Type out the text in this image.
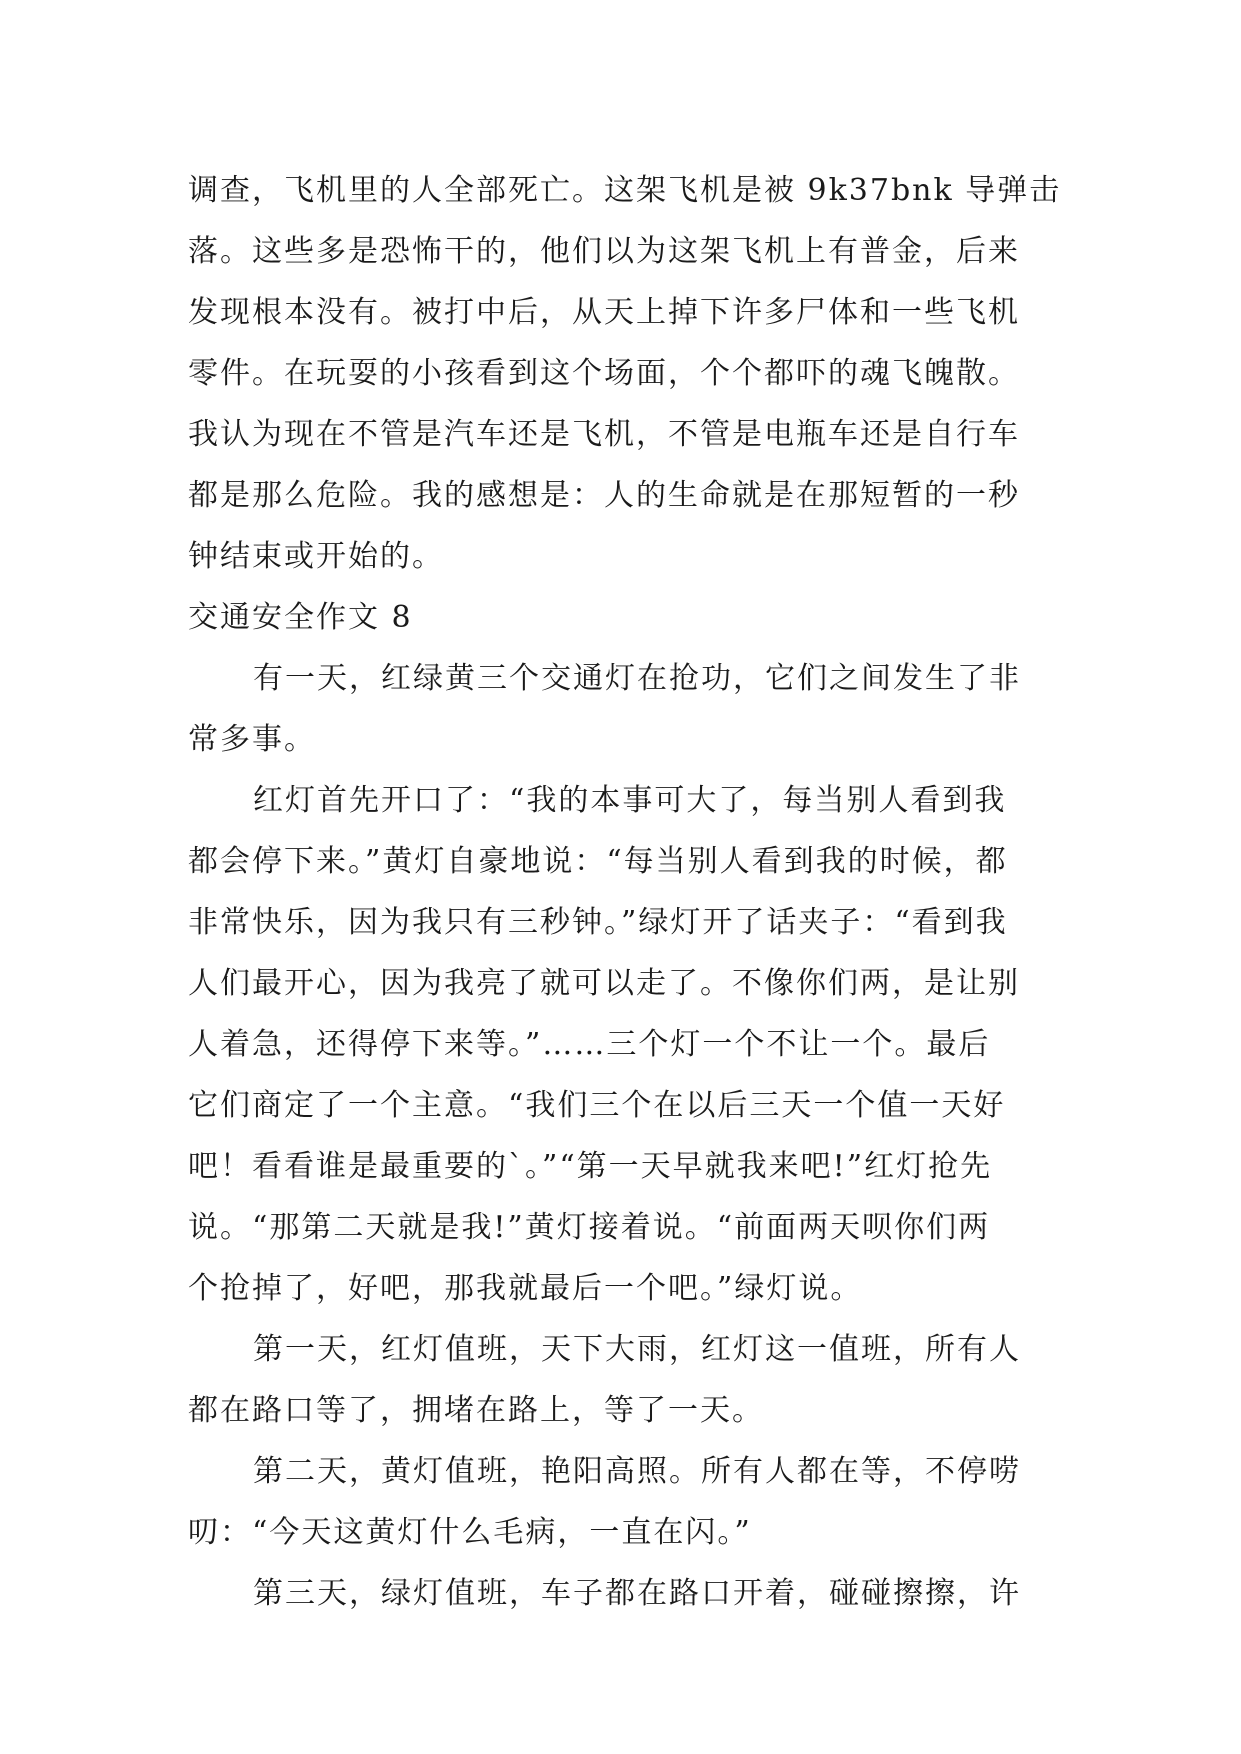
调查，飞机里的人全部死亡。这架飞机是被 9k37bnk 导弹击
落。这些多是恐怖干的，他们以为这架飞机上有普金，后来
发现根本没有。被打中后，从天上掉下许多尸体和一些飞机
零件。在玩耍的小孩看到这个场面，个个都吓的魂飞魄散。
我认为现在不管是汽车还是飞机，不管是电瓶车还是自行车
都是那么危险。我的感想是：人的生命就是在那短暂的一秒
钟结束或开始的。
交通安全作文 8
有一天，红绿黄三个交通灯在抢功，它们之间发生了非
常多事。
红灯首先开口了：“我的本事可大了，每当别人看到我
都会停下来。”黄灯自豪地说：“每当别人看到我的时候，都
非常快乐，因为我只有三秒钟。”绿灯开了话夹子：“看到我
人们最开心，因为我亮了就可以走了。不像你们两，是让别
人着急，还得停下来等。”……三个灯一个不让一个。最后
它们商定了一个主意。“我们三个在以后三天一个值一天好
吧！看看谁是最重要的`。”“第一天早就我来吧!”红灯抢先
说。“那第二天就是我!”黄灯接着说。“前面两天呗你们两
个抢掉了，好吧，那我就最后一个吧。”绿灯说。
第一天，红灯值班，天下大雨，红灯这一值班，所有人
都在路口等了，拥堵在路上，等了一天。
第二天，黄灯值班，艳阳高照。所有人都在等，不停唠
叨：“今天这黄灯什么毛病，一直在闪。”
第三天，绿灯值班，车子都在路口开着，碰碰擦擦，许
